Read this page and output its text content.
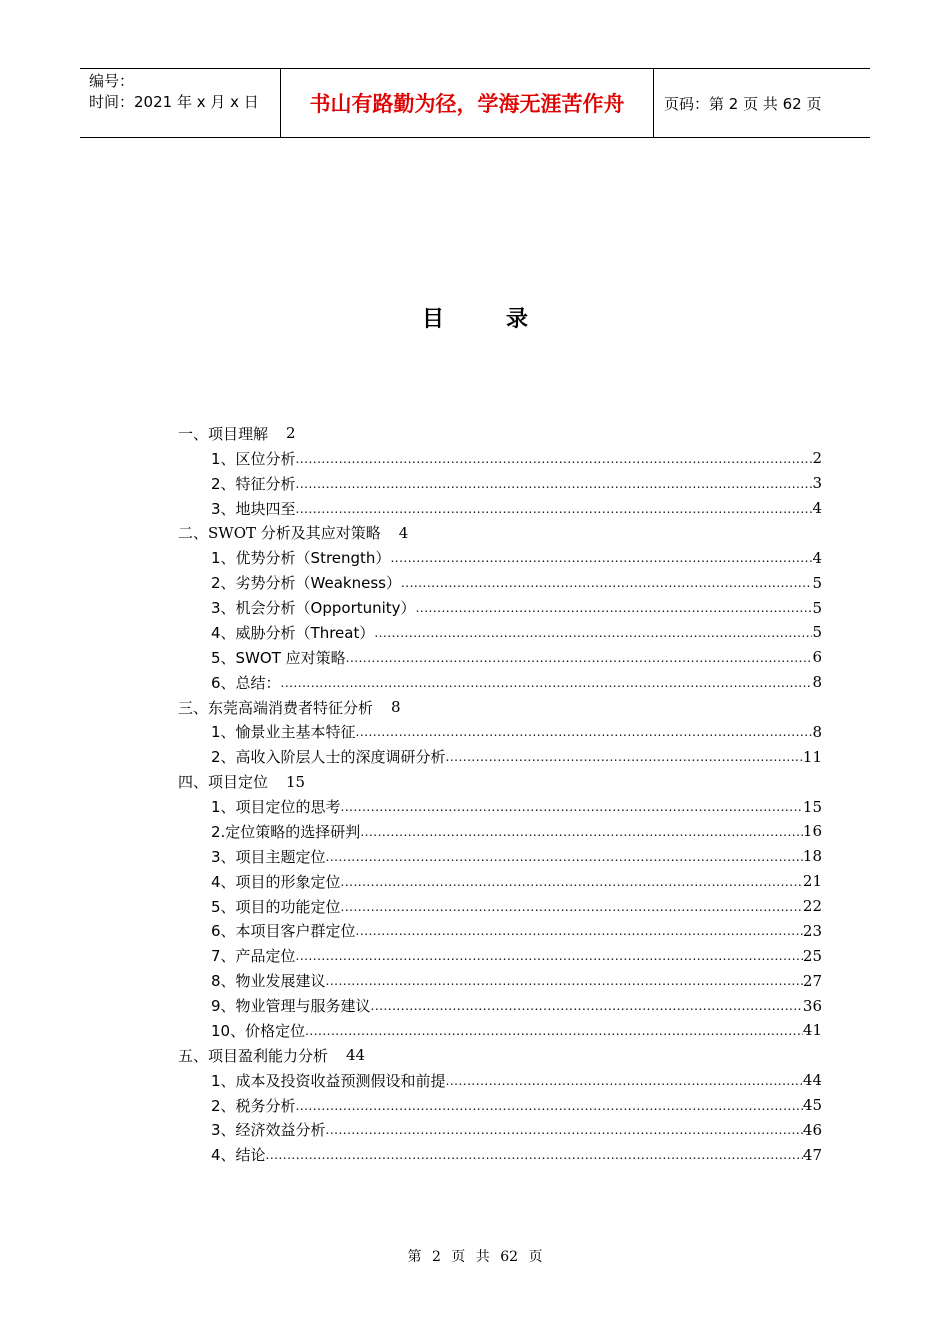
编号：
时间：2021 年 x 月 x 日	书山有路勤为径，学海无涯苦作舟	页码：第 2 页 共 62 页
目录
一、项目理解 2
1、区位分析 .....	2
2、特征分析 .....	3
3、地块四至 .....	4
二、SWOT 分析及其应对策略 4
1、优势分析（Strength） .....	4
2、劣势分析（Weakness） .....	5
3、机会分析（Opportunity） .....	5
4、威胁分析（Threat） .....	5
5、SWOT 应对策略 .....	6
6、总结： .....	8
三、东莞高端消费者特征分析 8
1、愉景业主基本特征 .....	8
2、高收入阶层人士的深度调研分析 .....	11
四、项目定位 15
1、项目定位的思考 .....	15
2.定位策略的选择研判 .....	16
3、项目主题定位 .....	18
4、项目的形象定位 .....	21
5、项目的功能定位 .....	22
6、本项目客户群定位 .....	23
7、产品定位 .....	25
8、物业发展建议 .....	27
9、物业管理与服务建议 .....	36
10、价格定位 .....	41
五、项目盈利能力分析 44
1、成本及投资收益预测假设和前提 .....	44
2、税务分析 .....	45
3、经济效益分析 .....	46
4、结论 .....	47
第 2 页 共 62 页
